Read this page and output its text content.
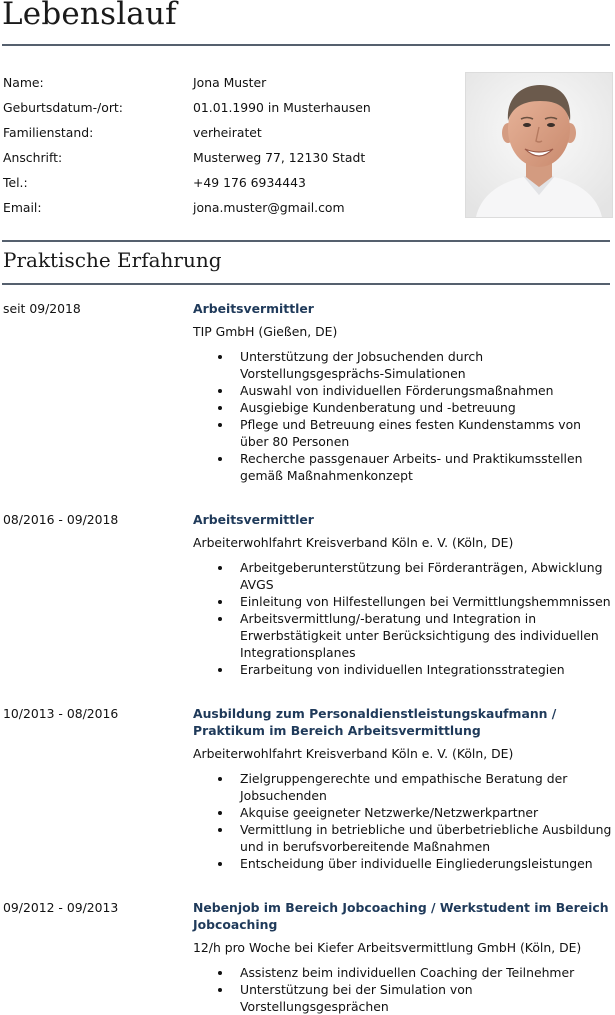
Lebenslauf
Name:	Jona Muster
Geburtsdatum-/ort:	01.01.1990 in Musterhausen
Familienstand:	verheiratet
Anschrift:	Musterweg 77, 12130 Stadt
Tel.:	+49 176 6934443
Email:	jona.muster@gmail.com
Praktische Erfahrung
seit 09/2018	Arbeitsvermittler
TIP GmbH (Gießen, DE)
Unterstützung der Jobsuchenden durch Vorstellungsgesprächs-Simulationen
Auswahl von individuellen Förderungsmaßnahmen
Ausgiebige Kundenberatung und -betreuung
Pflege und Betreuung eines festen Kundenstamms von über 80 Personen
Recherche passgenauer Arbeits- und Praktikumsstellen gemäß Maßnahmenkonzept
08/2016 - 09/2018	Arbeitsvermittler
Arbeiterwohlfahrt Kreisverband Köln e. V. (Köln, DE)
Arbeitgeberunterstützung bei Förderanträgen, Abwicklung AVGS
Einleitung von Hilfestellungen bei Vermittlungshemmnissen
Arbeitsvermittlung/-beratung und Integration in Erwerbstätigkeit unter Berücksichtigung des individuellen Integrationsplanes
Erarbeitung von individuellen Integrationsstrategien
10/2013 - 08/2016	Ausbildung zum Personaldienstleistungskaufmann / Praktikum im Bereich Arbeitsvermittlung
Arbeiterwohlfahrt Kreisverband Köln e. V. (Köln, DE)
Zielgruppengerechte und empathische Beratung der Jobsuchenden
Akquise geeigneter Netzwerke/Netzwerkpartner
Vermittlung in betriebliche und überbetriebliche Ausbildung und in berufsvorbereitende Maßnahmen
Entscheidung über individuelle Eingliederungsleistungen
09/2012 - 09/2013	Nebenjob im Bereich Jobcoaching / Werkstudent im Bereich Jobcoaching
12/h pro Woche bei Kiefer Arbeitsvermittlung GmbH (Köln, DE)
Assistenz beim individuellen Coaching der Teilnehmer
Unterstützung bei der Simulation von Vorstellungsgesprächen
